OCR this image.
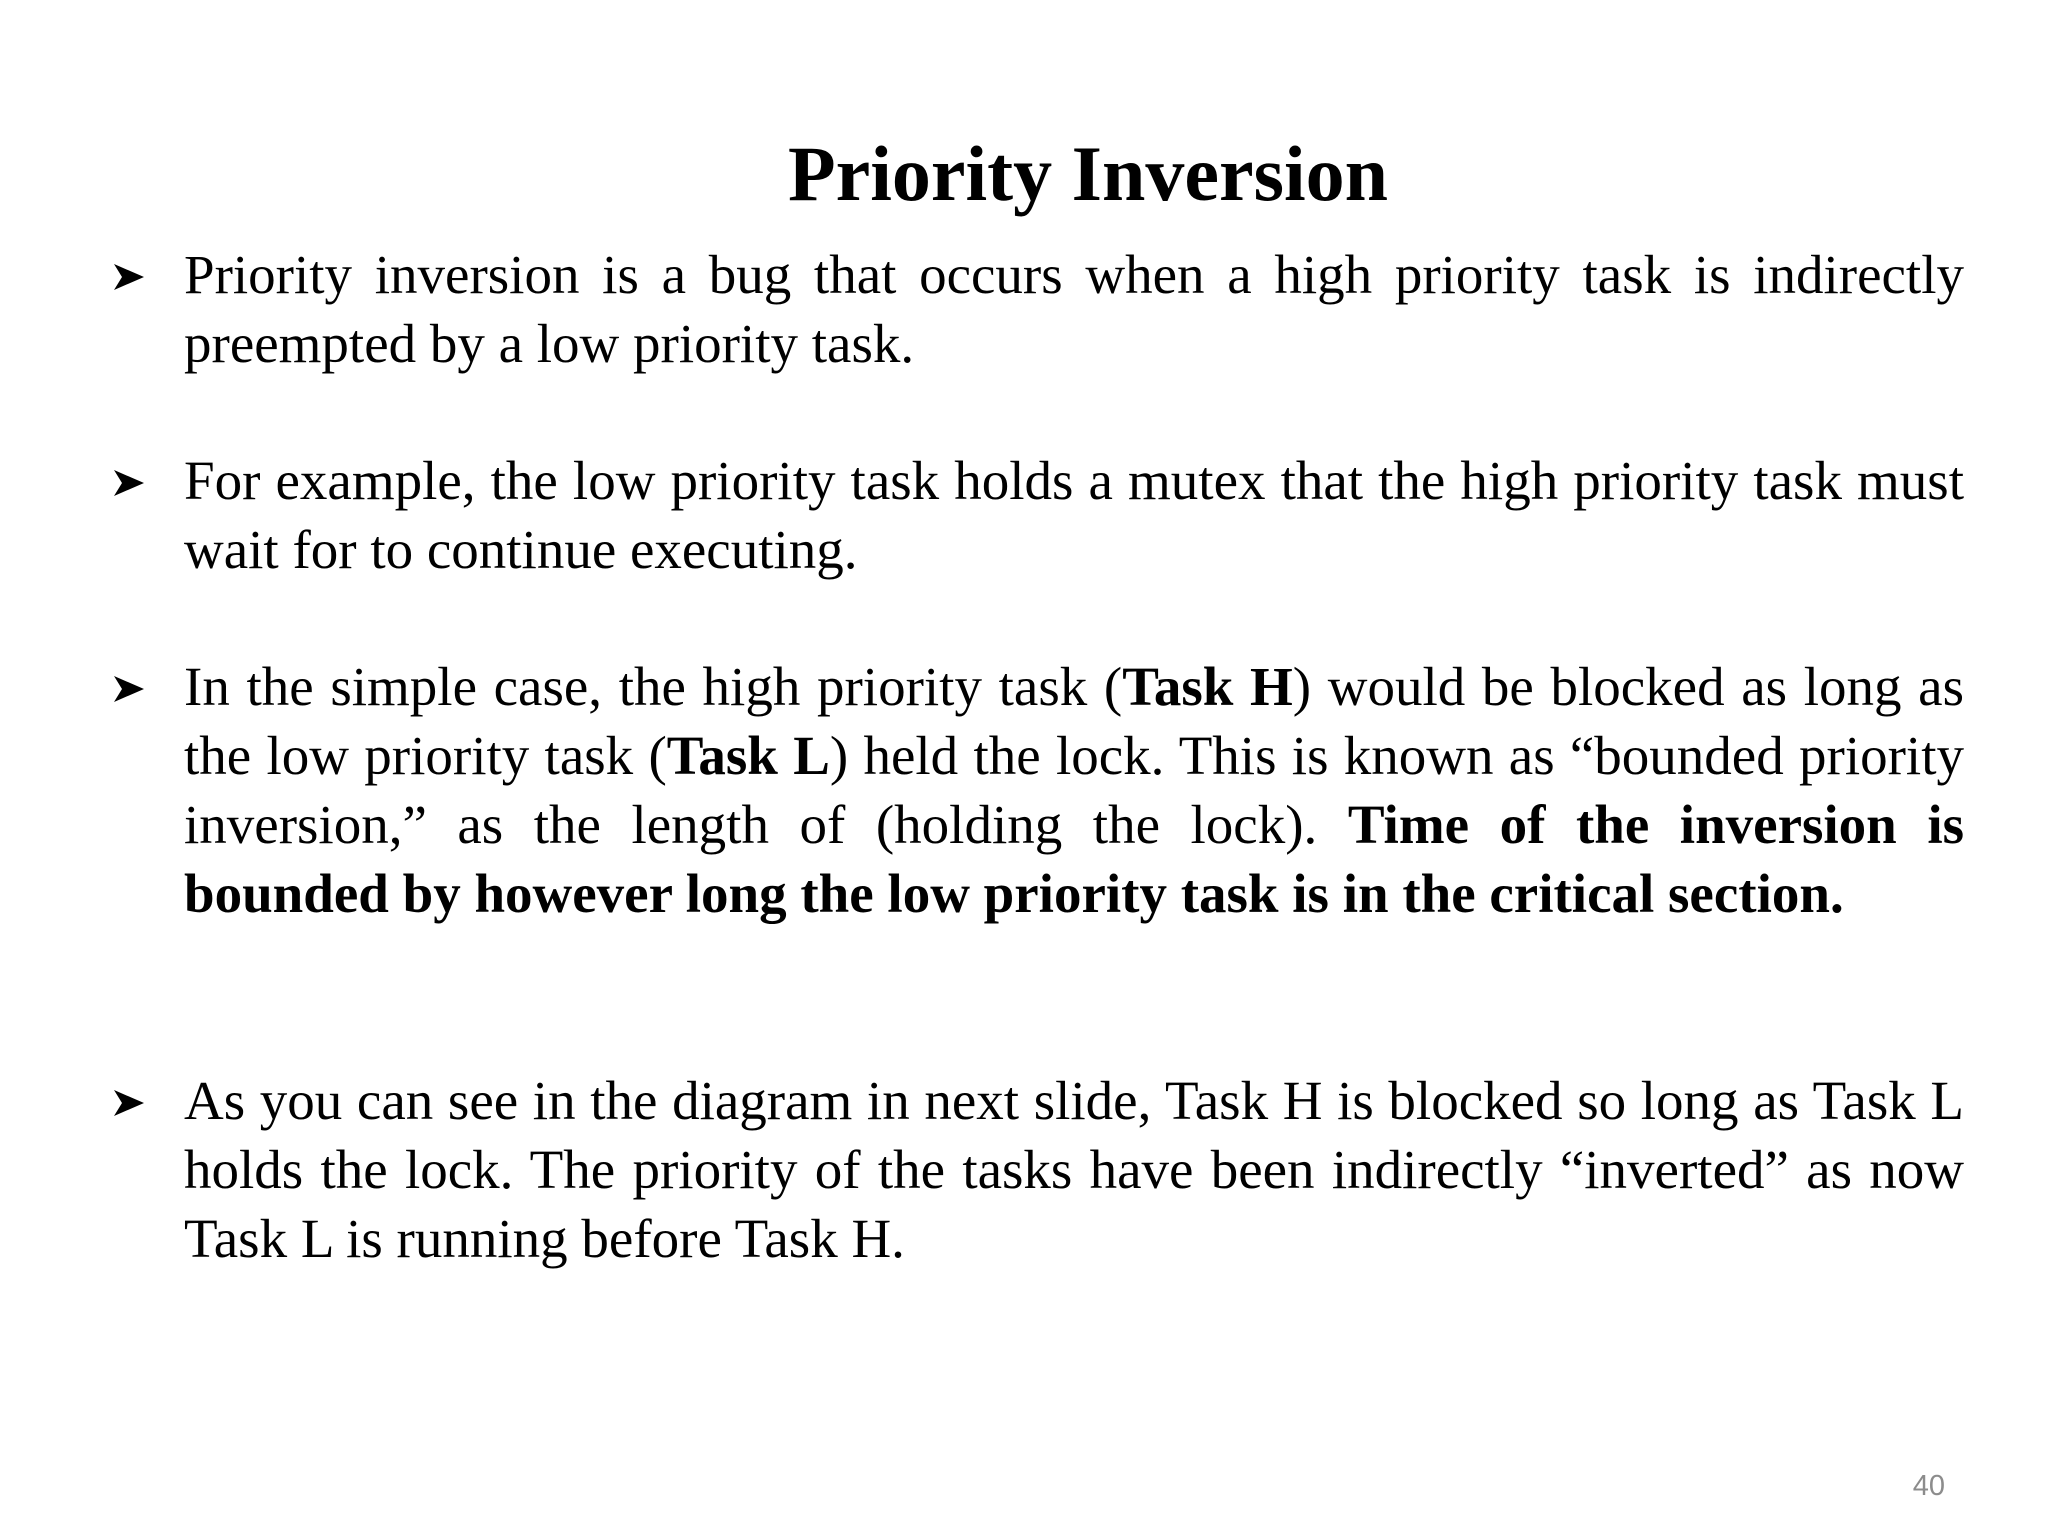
Priority Inversion
Priority inversion is a bug that occurs when a high priority task is indirectly preempted by a low priority task.
For example, the low priority task holds a mutex that the high priority task must wait for to continue executing.
In the simple case, the high priority task (Task H) would be blocked as long as the low priority task (Task L) held the lock. This is known as “bounded priority inversion,” as the length of (holding the lock). Time of the inversion is bounded by however long the low priority task is in the critical section.
As you can see in the diagram in next slide, Task H is blocked so long as Task L holds the lock. The priority of the tasks have been indirectly “inverted” as now Task L is running before Task H.
40
